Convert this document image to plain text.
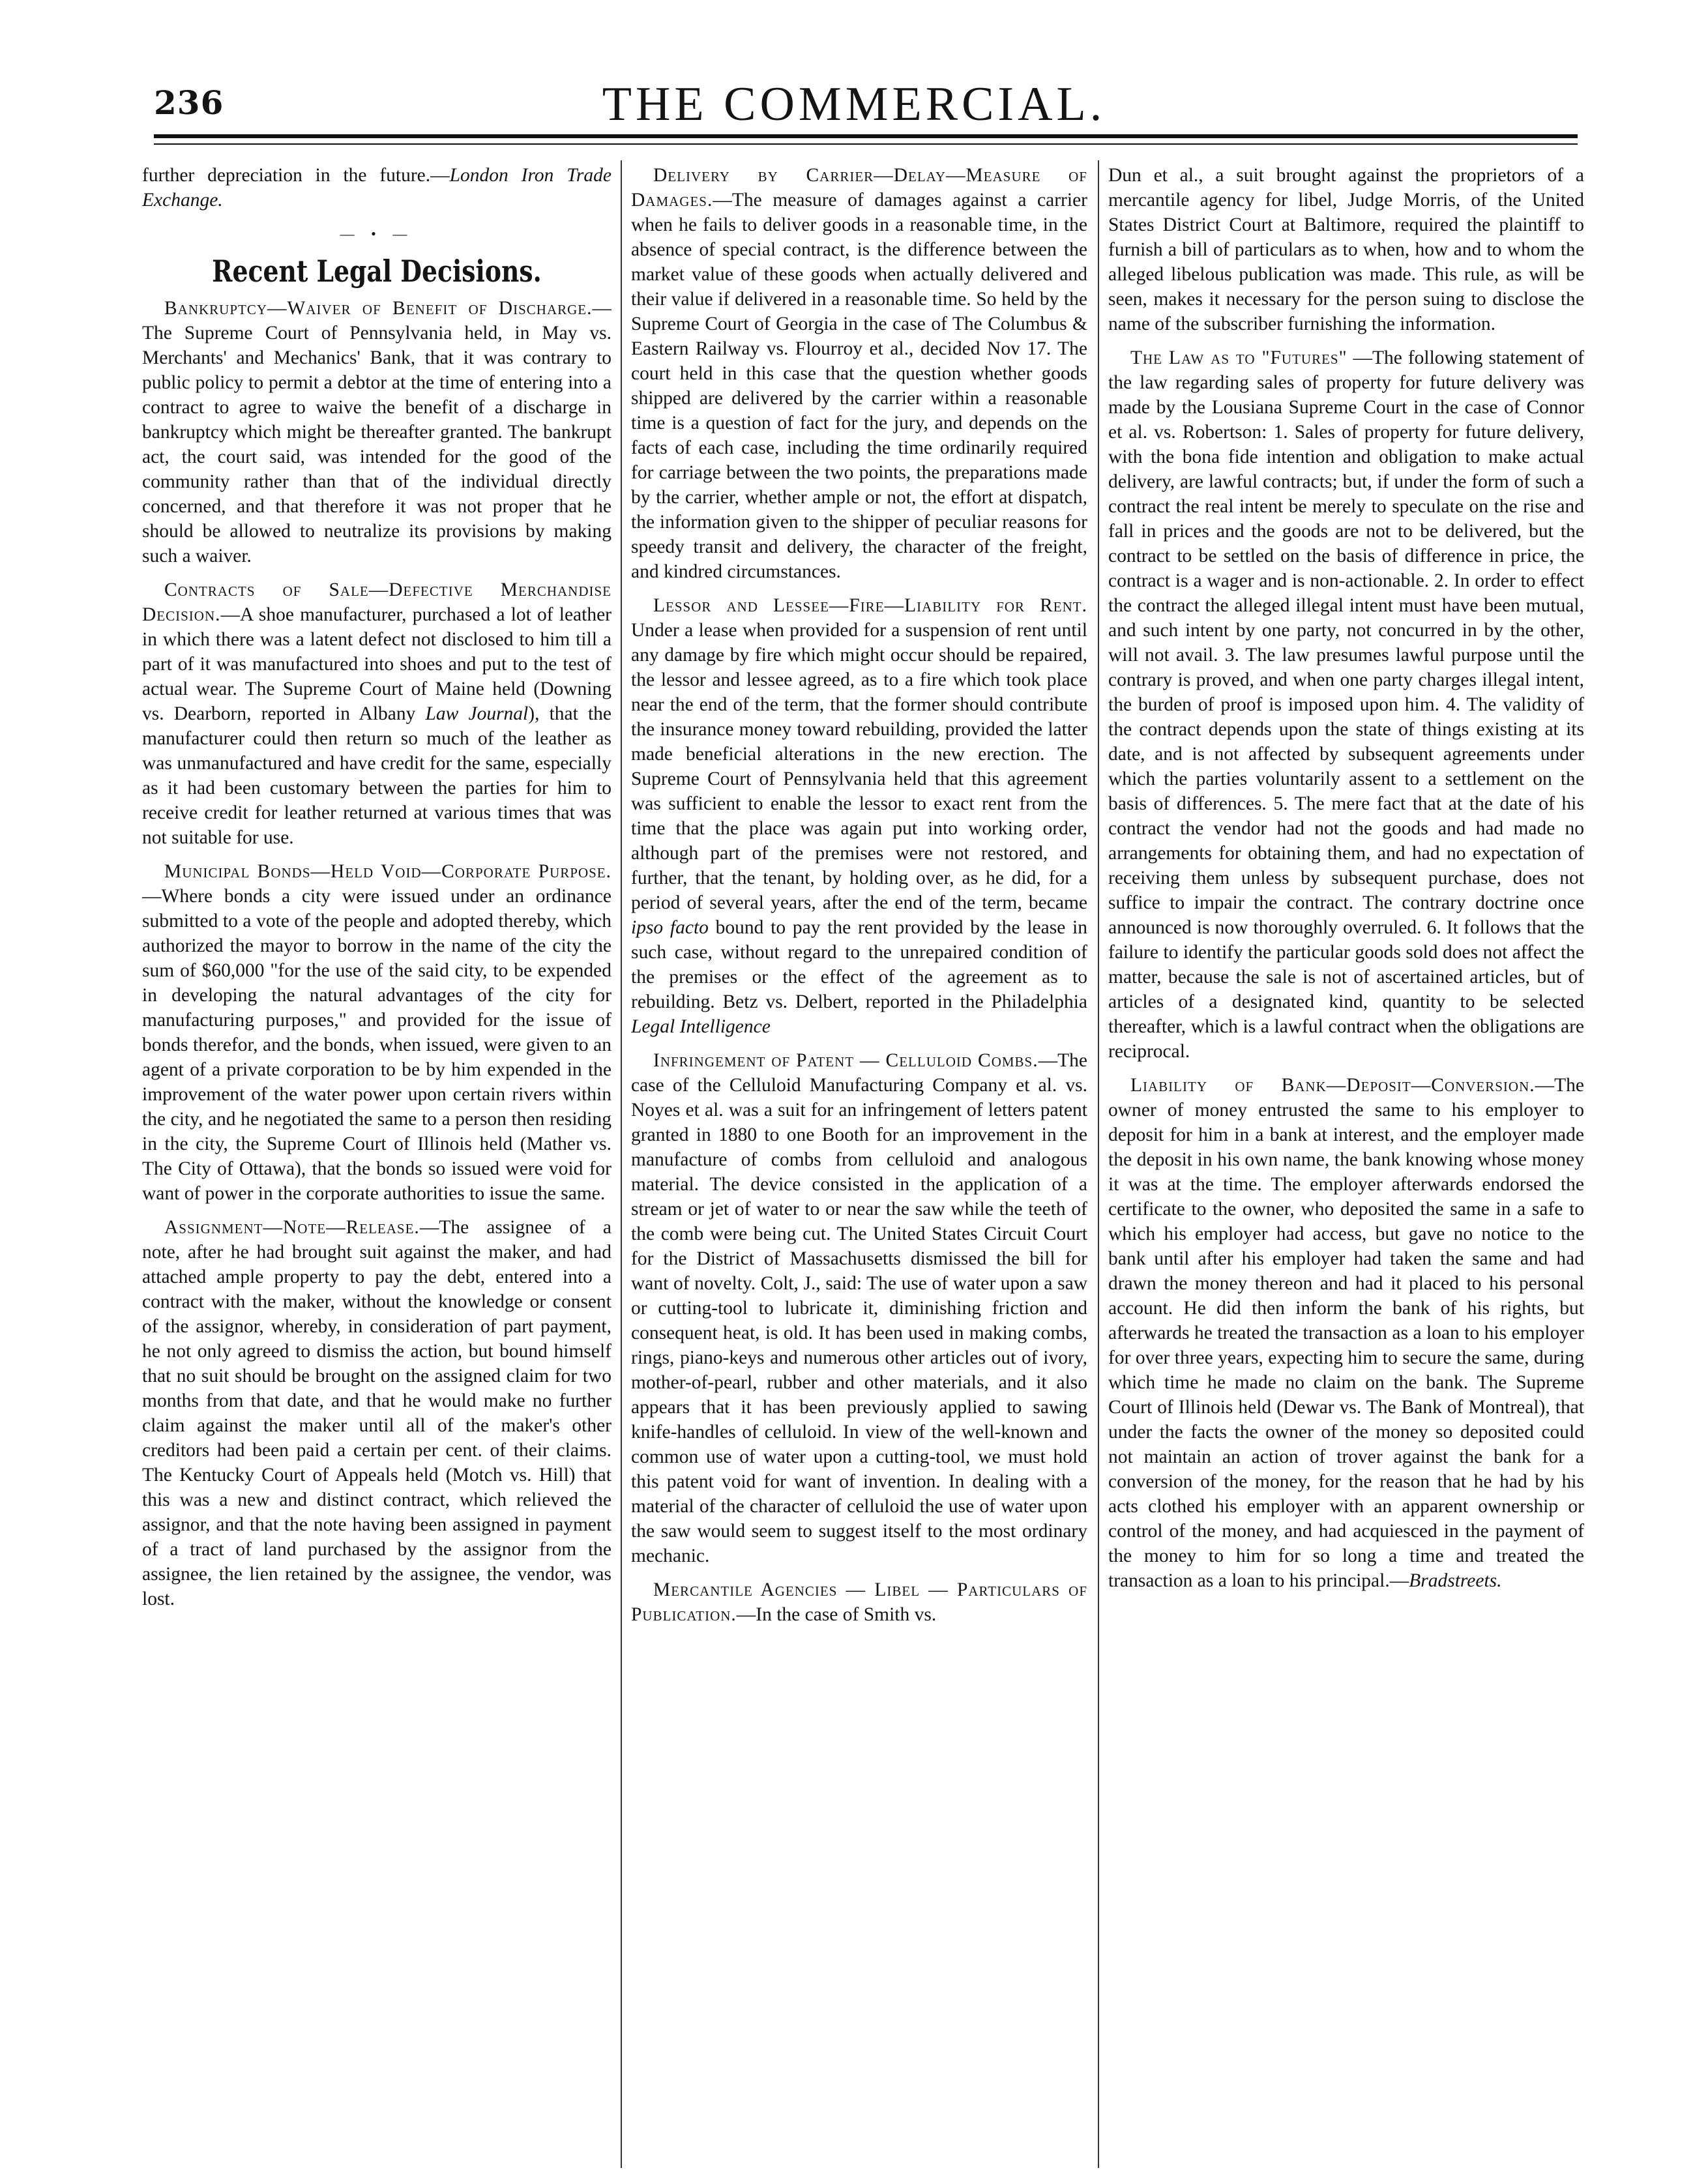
236	THE COMMERCIAL.

further depreciation in the future.—London Iron Trade Exchange.

— • —
Recent Legal Decisions.

Bankruptcy—Waiver of Benefit of Discharge.—The Supreme Court of Pennsylvania held, in May vs. Merchants' and Mechanics' Bank, that it was contrary to public policy to permit a debtor at the time of entering into a contract to agree to waive the benefit of a discharge in bankruptcy which might be thereafter granted. The bankrupt act, the court said, was intended for the good of the community rather than that of the individual directly concerned, and that therefore it was not proper that he should be allowed to neutralize its provisions by making such a waiver.

Contracts of Sale—Defective Merchandise Decision.—A shoe manufacturer, purchased a lot of leather in which there was a latent defect not disclosed to him till a part of it was manufactured into shoes and put to the test of actual wear. The Supreme Court of Maine held (Downing vs. Dearborn, reported in Albany Law Journal), that the manufacturer could then return so much of the leather as was unmanufactured and have credit for the same, especially as it had been customary between the parties for him to receive credit for leather returned at various times that was not suitable for use.

Municipal Bonds—Held Void—Corporate Purpose.—Where bonds a city were issued under an ordinance submitted to a vote of the people and adopted thereby, which authorized the mayor to borrow in the name of the city the sum of $60,000 "for the use of the said city, to be expended in developing the natural advantages of the city for manufacturing purposes," and provided for the issue of bonds therefor, and the bonds, when issued, were given to an agent of a private corporation to be by him expended in the improvement of the water power upon certain rivers within the city, and he negotiated the same to a person then residing in the city, the Supreme Court of Illinois held (Mather vs. The City of Ottawa), that the bonds so issued were void for want of power in the corporate authorities to issue the same.

Assignment—Note—Release.—The assignee of a note, after he had brought suit against the maker, and had attached ample property to pay the debt, entered into a contract with the maker, without the knowledge or consent of the assignor, whereby, in consideration of part payment, he not only agreed to dismiss the action, but bound himself that no suit should be brought on the assigned claim for two months from that date, and that he would make no further claim against the maker until all of the maker's other creditors had been paid a certain per cent. of their claims. The Kentucky Court of Appeals held (Motch vs. Hill) that this was a new and distinct contract, which relieved the assignor, and that the note having been assigned in payment of a tract of land purchased by the assignor from the assignee, the lien retained by the assignee, the vendor, was lost.

Delivery by Carrier—Delay—Measure of Damages.—The measure of damages against a carrier when he fails to deliver goods in a reasonable time, in the absence of special contract, is the difference between the market value of these goods when actually delivered and their value if delivered in a reasonable time. So held by the Supreme Court of Georgia in the case of The Columbus & Eastern Railway vs. Flourroy et al., decided Nov 17. The court held in this case that the question whether goods shipped are delivered by the carrier within a reasonable time is a question of fact for the jury, and depends on the facts of each case, including the time ordinarily required for carriage between the two points, the preparations made by the carrier, whether ample or not, the effort at dispatch, the information given to the shipper of peculiar reasons for speedy transit and delivery, the character of the freight, and kindred circumstances.

Lessor and Lessee—Fire—Liability for Rent. Under a lease when provided for a suspension of rent until any damage by fire which might occur should be repaired, the lessor and lessee agreed, as to a fire which took place near the end of the term, that the former should contribute the insurance money toward rebuilding, provided the latter made beneficial alterations in the new erection. The Supreme Court of Pennsylvania held that this agreement was sufficient to enable the lessor to exact rent from the time that the place was again put into working order, although part of the premises were not restored, and further, that the tenant, by holding over, as he did, for a period of several years, after the end of the term, became ipso facto bound to pay the rent provided by the lease in such case, without regard to the unrepaired condition of the premises or the effect of the agreement as to rebuilding. Betz vs. Delbert, reported in the Philadelphia Legal Intelligence

Infringement of Patent — Celluloid Combs.—The case of the Celluloid Manufacturing Company et al. vs. Noyes et al. was a suit for an infringement of letters patent granted in 1880 to one Booth for an improvement in the manufacture of combs from celluloid and analogous material. The device consisted in the application of a stream or jet of water to or near the saw while the teeth of the comb were being cut. The United States Circuit Court for the District of Massachusetts dismissed the bill for want of novelty. Colt, J., said: The use of water upon a saw or cutting-tool to lubricate it, diminishing friction and consequent heat, is old. It has been used in making combs, rings, piano-keys and numerous other articles out of ivory, mother-of-pearl, rubber and other materials, and it also appears that it has been previously applied to sawing knife-handles of celluloid. In view of the well-known and common use of water upon a cutting-tool, we must hold this patent void for want of invention. In dealing with a material of the character of celluloid the use of water upon the saw would seem to suggest itself to the most ordinary mechanic.

Mercantile Agencies — Libel — Particulars of Publication.—In the case of Smith vs.

Dun et al., a suit brought against the proprietors of a mercantile agency for libel, Judge Morris, of the United States District Court at Baltimore, required the plaintiff to furnish a bill of particulars as to when, how and to whom the alleged libelous publication was made. This rule, as will be seen, makes it necessary for the person suing to disclose the name of the subscriber furnishing the information.

The Law as to "Futures" —The following statement of the law regarding sales of property for future delivery was made by the Lousiana Supreme Court in the case of Connor et al. vs. Robertson: 1. Sales of property for future delivery, with the bona fide intention and obligation to make actual delivery, are lawful contracts; but, if under the form of such a contract the real intent be merely to speculate on the rise and fall in prices and the goods are not to be delivered, but the contract to be settled on the basis of difference in price, the contract is a wager and is non-actionable. 2. In order to effect the contract the alleged illegal intent must have been mutual, and such intent by one party, not concurred in by the other, will not avail. 3. The law presumes lawful purpose until the contrary is proved, and when one party charges illegal intent, the burden of proof is imposed upon him. 4. The validity of the contract depends upon the state of things existing at its date, and is not affected by subsequent agreements under which the parties voluntarily assent to a settlement on the basis of differences. 5. The mere fact that at the date of his contract the vendor had not the goods and had made no arrangements for obtaining them, and had no expectation of receiving them unless by subsequent purchase, does not suffice to impair the contract. The contrary doctrine once announced is now thoroughly overruled. 6. It follows that the failure to identify the particular goods sold does not affect the matter, because the sale is not of ascertained articles, but of articles of a designated kind, quantity to be selected thereafter, which is a lawful contract when the obligations are reciprocal.

Liability of Bank—Deposit—Conversion.—The owner of money entrusted the same to his employer to deposit for him in a bank at interest, and the employer made the deposit in his own name, the bank knowing whose money it was at the time. The employer afterwards endorsed the certificate to the owner, who deposited the same in a safe to which his employer had access, but gave no notice to the bank until after his employer had taken the same and had drawn the money thereon and had it placed to his personal account. He did then inform the bank of his rights, but afterwards he treated the transaction as a loan to his employer for over three years, expecting him to secure the same, during which time he made no claim on the bank. The Supreme Court of Illinois held (Dewar vs. The Bank of Montreal), that under the facts the owner of the money so deposited could not maintain an action of trover against the bank for a conversion of the money, for the reason that he had by his acts clothed his employer with an apparent ownership or control of the money, and had acquiesced in the payment of the money to him for so long a time and treated the transaction as a loan to his principal.—Bradstreets.
